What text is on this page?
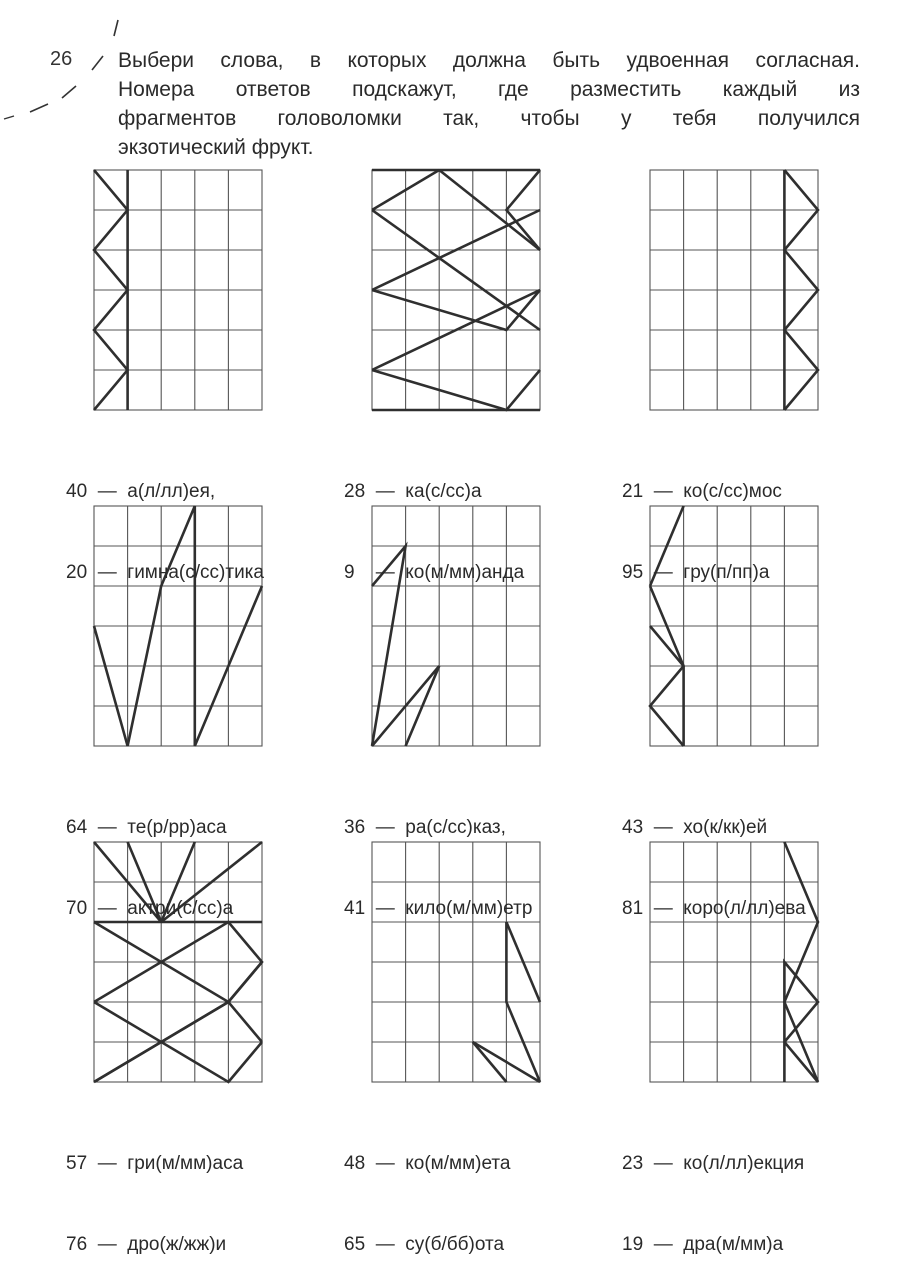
26 Выбери слова, в которых должна быть удвоенная согласная.

Номера ответов подскажут, где разместить каждый из

фрагментов головоломки так, чтобы у тебя получился

экзотический фрукт.

40 — а(л/лл)ея,

20 — гимна(с/сс)тика

28 — ка(с/сс)а

9 — ко(м/мм)анда

21 — ко(с/сс)мос

95 — гру(п/пп)а

64 — те(р/рр)аса

70 — актри(с/сс)а

36 — ра(с/сс)каз,

41 — кило(м/мм)етр

43 — хо(к/кк)ей

81 — коро(л/лл)ева

57 — гри(м/мм)аса

76 — дро(ж/жж)и

48 — ко(м/мм)ета

65 — су(б/бб)ота

23 — ко(л/лл)екция

19 — дра(м/мм)а
